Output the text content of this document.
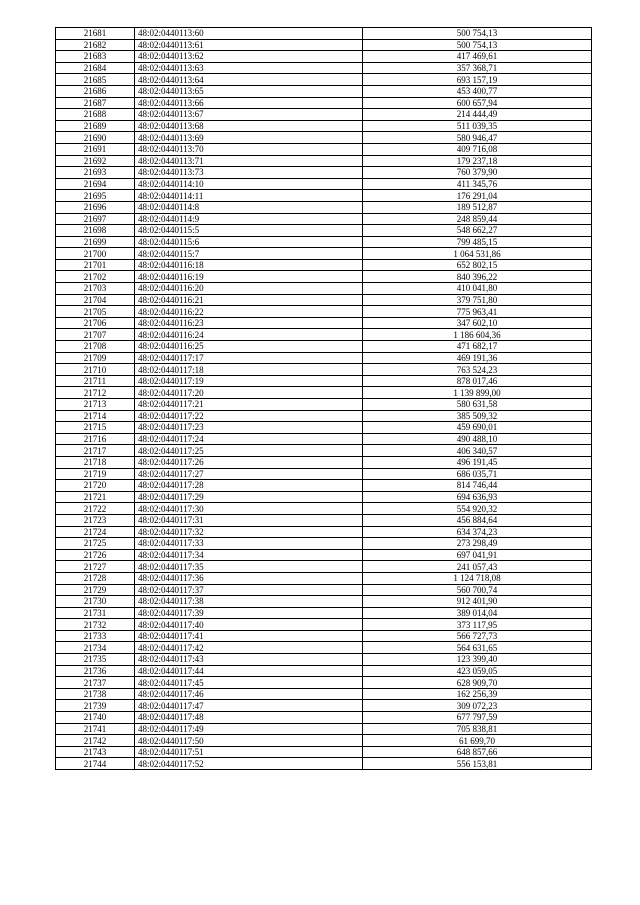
21681	48:02:0440113:60	500 754,13
21682	48:02:0440113:61	500 754,13
21683	48:02:0440113:62	417 469,61
21684	48:02:0440113:63	357 368,71
21685	48:02:0440113:64	693 157,19
21686	48:02:0440113:65	453 400,77
21687	48:02:0440113:66	600 657,94
21688	48:02:0440113:67	214 444,49
21689	48:02:0440113:68	511 039,35
21690	48:02:0440113:69	580 946,47
21691	48:02:0440113:70	409 716,08
21692	48:02:0440113:71	179 237,18
21693	48:02:0440113:73	760 379,90
21694	48:02:0440114:10	411 345,76
21695	48:02:0440114:11	176 291,04
21696	48:02:0440114:8	189 512,87
21697	48:02:0440114:9	248 859,44
21698	48:02:0440115:5	548 662,27
21699	48:02:0440115:6	799 485,15
21700	48:02:0440115:7	1 064 531,86
21701	48:02:0440116:18	652 802,15
21702	48:02:0440116:19	840 396,22
21703	48:02:0440116:20	410 041,80
21704	48:02:0440116:21	379 751,80
21705	48:02:0440116:22	775 963,41
21706	48:02:0440116:23	347 602,10
21707	48:02:0440116:24	1 186 604,36
21708	48:02:0440116:25	471 682,17
21709	48:02:0440117:17	469 191,36
21710	48:02:0440117:18	763 524,23
21711	48:02:0440117:19	878 017,46
21712	48:02:0440117:20	1 139 899,00
21713	48:02:0440117:21	580 631,58
21714	48:02:0440117:22	385 509,32
21715	48:02:0440117:23	459 690,01
21716	48:02:0440117:24	490 488,10
21717	48:02:0440117:25	406 340,57
21718	48:02:0440117:26	496 191,45
21719	48:02:0440117:27	686 035,71
21720	48:02:0440117:28	814 746,44
21721	48:02:0440117:29	694 636,93
21722	48:02:0440117:30	554 920,32
21723	48:02:0440117:31	456 884,64
21724	48:02:0440117:32	634 374,23
21725	48:02:0440117:33	273 298,49
21726	48:02:0440117:34	697 041,91
21727	48:02:0440117:35	241 057,43
21728	48:02:0440117:36	1 124 718,08
21729	48:02:0440117:37	560 700,74
21730	48:02:0440117:38	912 401,90
21731	48:02:0440117:39	389 014,04
21732	48:02:0440117:40	373 117,95
21733	48:02:0440117:41	566 727,73
21734	48:02:0440117:42	564 631,65
21735	48:02:0440117:43	123 399,40
21736	48:02:0440117:44	423 059,05
21737	48:02:0440117:45	628 909,70
21738	48:02:0440117:46	162 256,39
21739	48:02:0440117:47	309 072,23
21740	48:02:0440117:48	677 797,59
21741	48:02:0440117:49	705 838,81
21742	48:02:0440117:50	61 699,70
21743	48:02:0440117:51	648 857,66
21744	48:02:0440117:52	556 153,81
